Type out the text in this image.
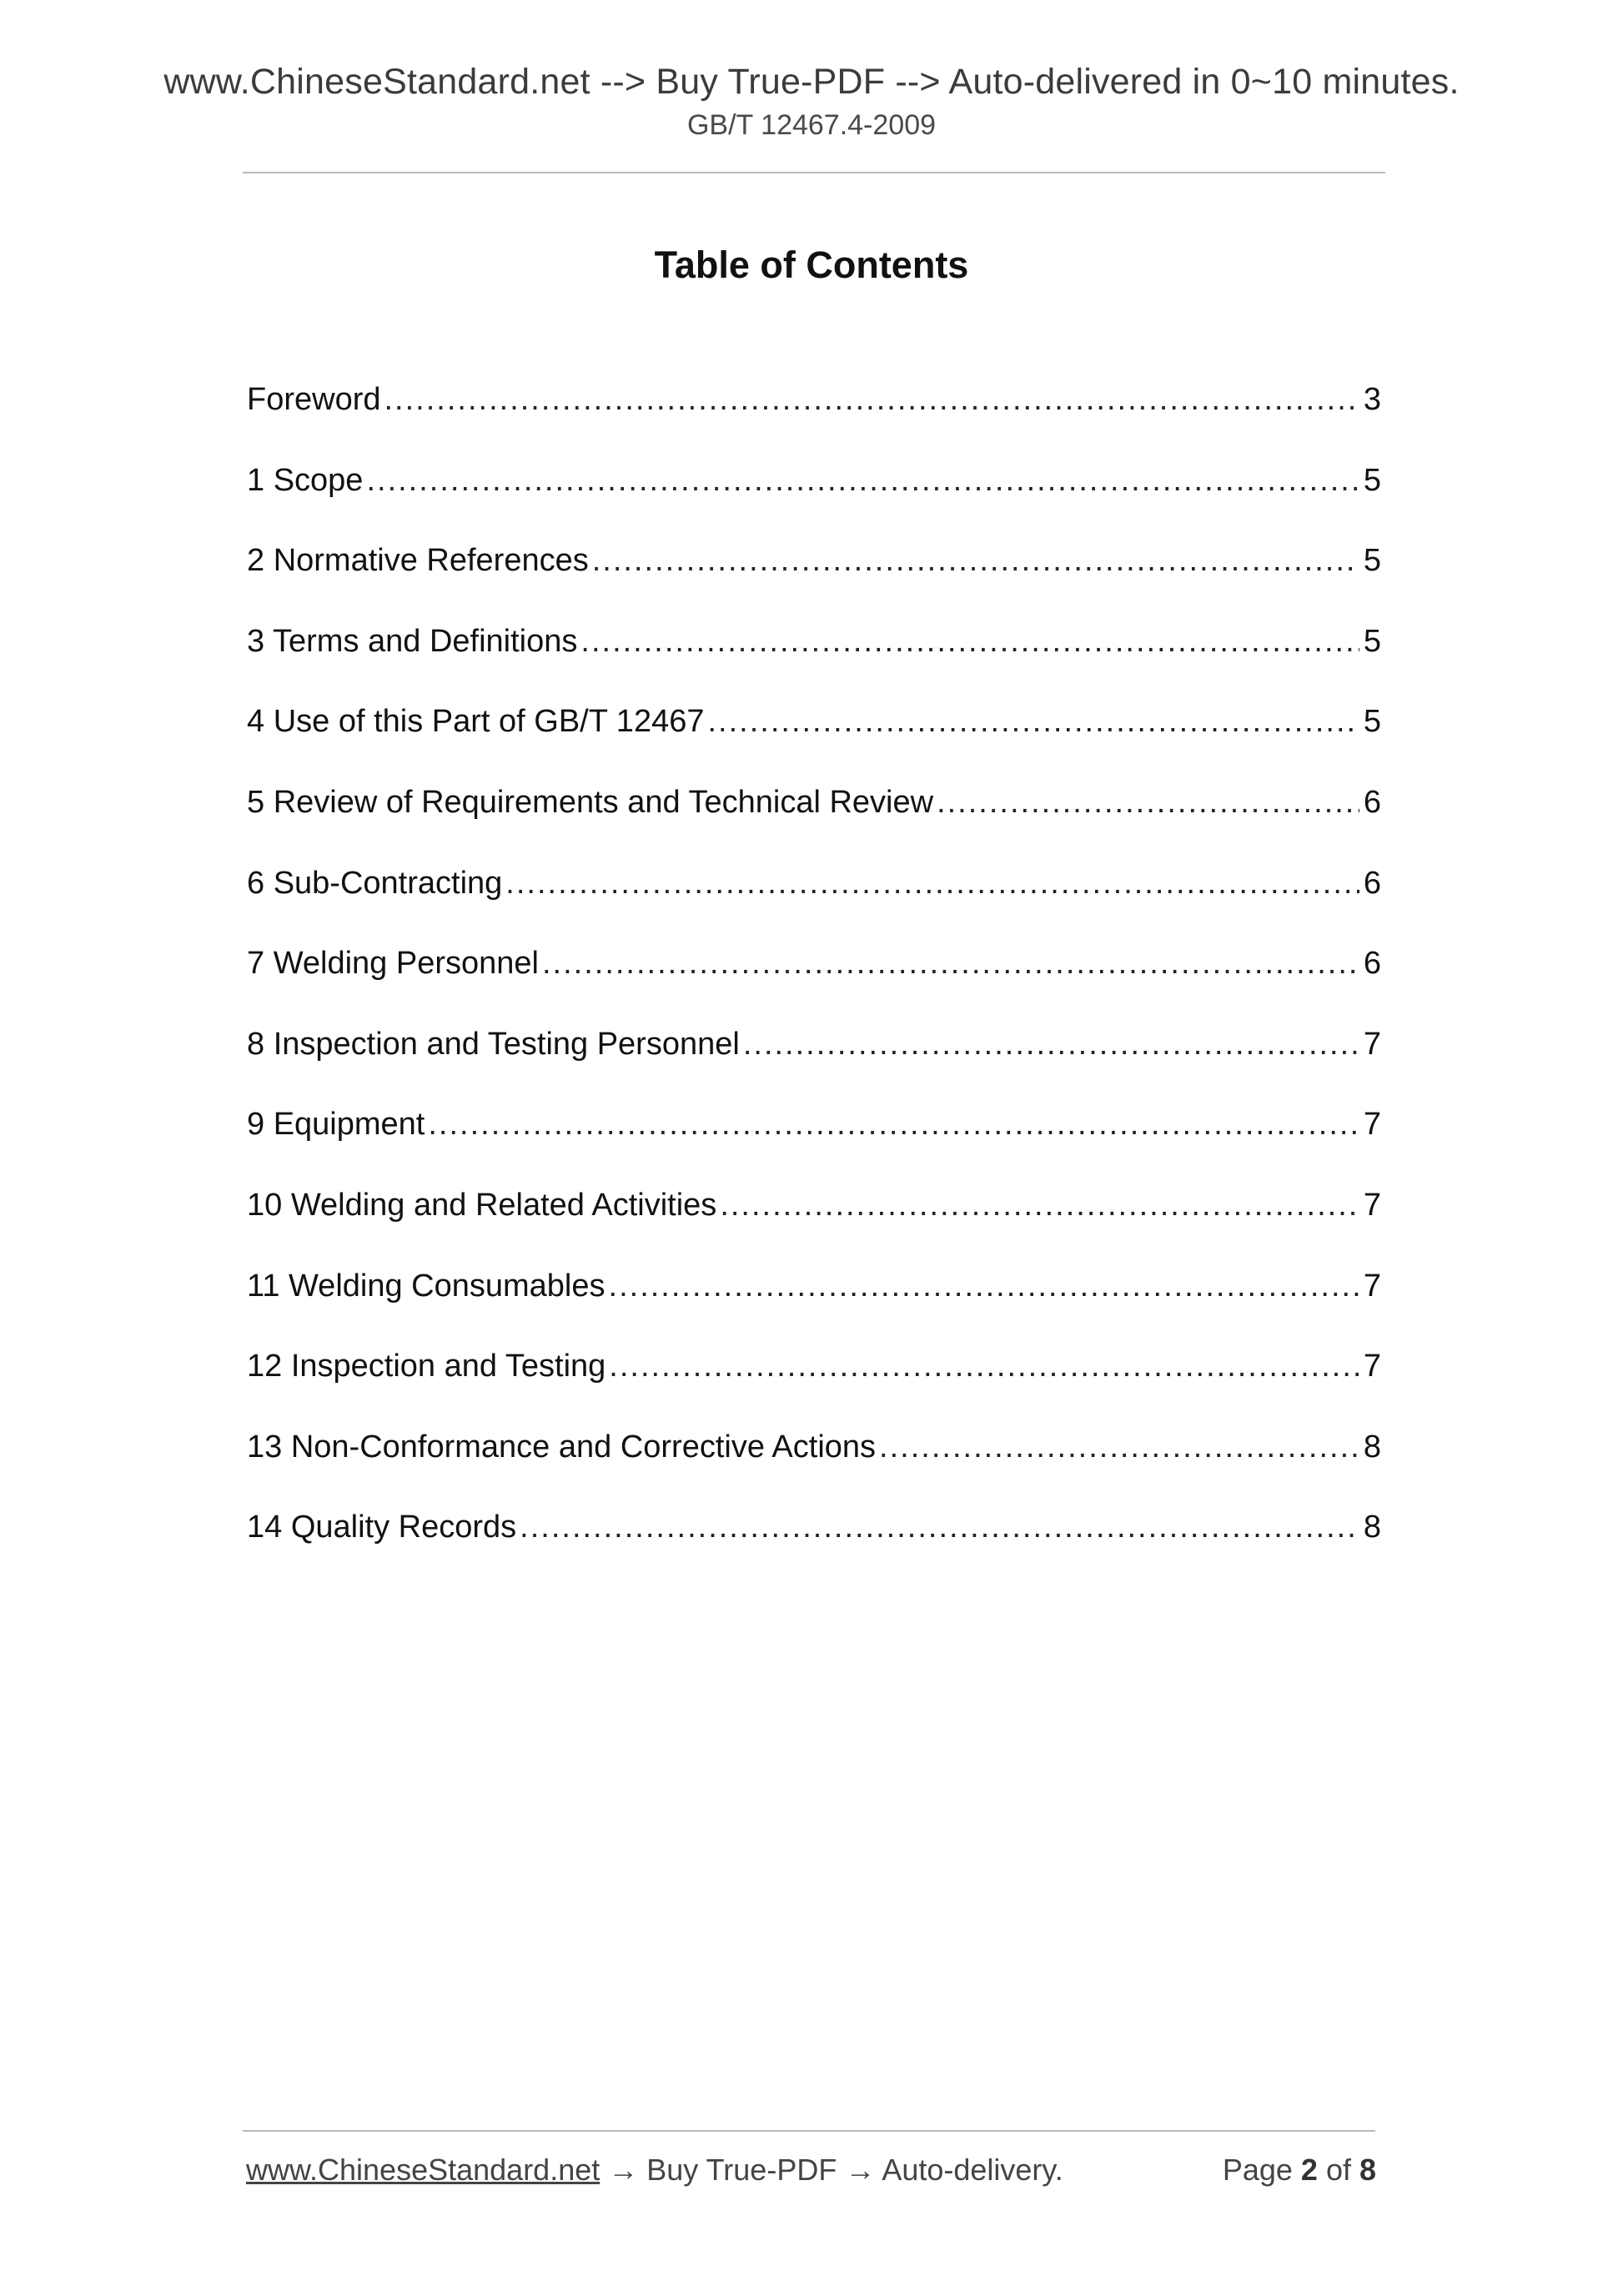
www.ChineseStandard.net --> Buy True-PDF --> Auto-delivered in 0~10 minutes.
GB/T 12467.4-2009
Table of Contents
Foreword .....	3
1 Scope .....	5
2 Normative References .....	5
3 Terms and Definitions .....	5
4 Use of this Part of GB/T 12467 .....	5
5 Review of Requirements and Technical Review .....	6
6 Sub-Contracting .....	6
7 Welding Personnel .....	6
8 Inspection and Testing Personnel .....	7
9 Equipment .....	7
10 Welding and Related Activities .....	7
11 Welding Consumables .....	7
12 Inspection and Testing .....	7
13 Non-Conformance and Corrective Actions .....	8
14 Quality Records .....	8
www.ChineseStandard.net → Buy True-PDF → Auto-delivery.	Page 2 of 8
